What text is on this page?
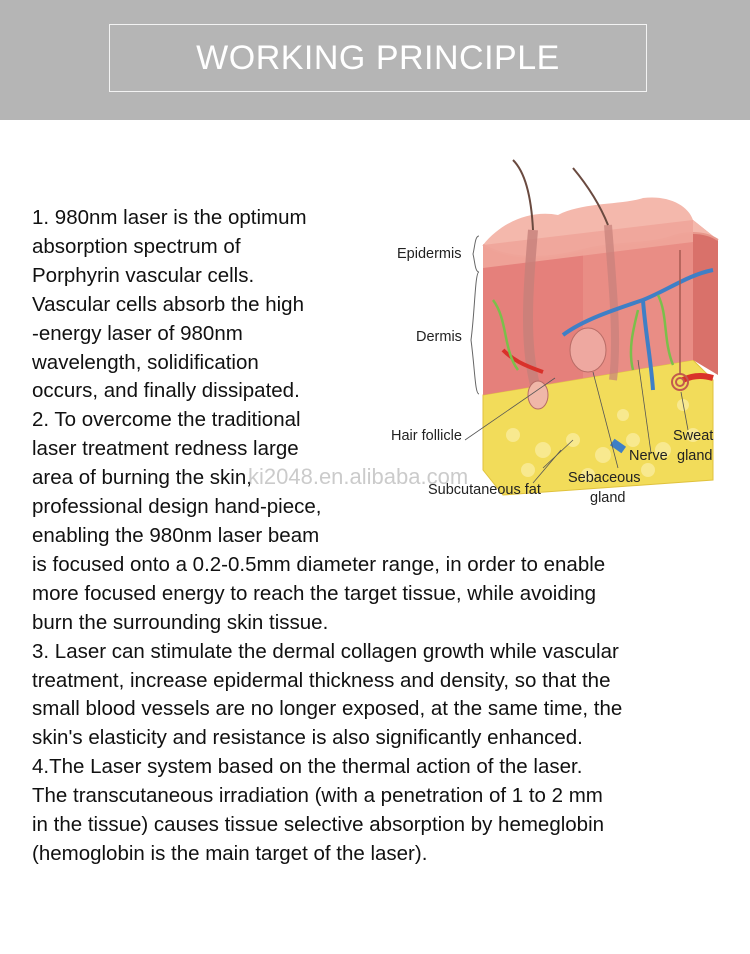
WORKING PRINCIPLE
Epidermis
Dermis
Hair follicle
Subcutaneous fat
Sebaceous
gland
Nerve
Sweat
gland
1. 980nm laser is the optimum
absorption spectrum of
Porphyrin vascular cells.
Vascular cells absorb the high
-energy laser of 980nm
wavelength, solidification
occurs, and finally dissipated.
2. To overcome the traditional
laser treatment redness large
area of burning the skin,
professional design hand-piece,
enabling the 980nm laser beam
is focused onto a 0.2-0.5mm diameter range, in order to enable
more focused energy to reach the target tissue, while avoiding
burn the surrounding skin tissue.
3. Laser can stimulate the dermal collagen growth while vascular
treatment, increase epidermal thickness and density, so that the
small blood vessels are no longer exposed, at the same time, the
skin's elasticity and resistance is also significantly enhanced.
4.The Laser system based on the thermal action of the laser.
The transcutaneous irradiation (with a penetration of 1 to 2 mm
in the tissue) causes tissue selective absorption by hemeglobin
(hemoglobin is the main target of the laser).
ki2048.en.alibaba.com
